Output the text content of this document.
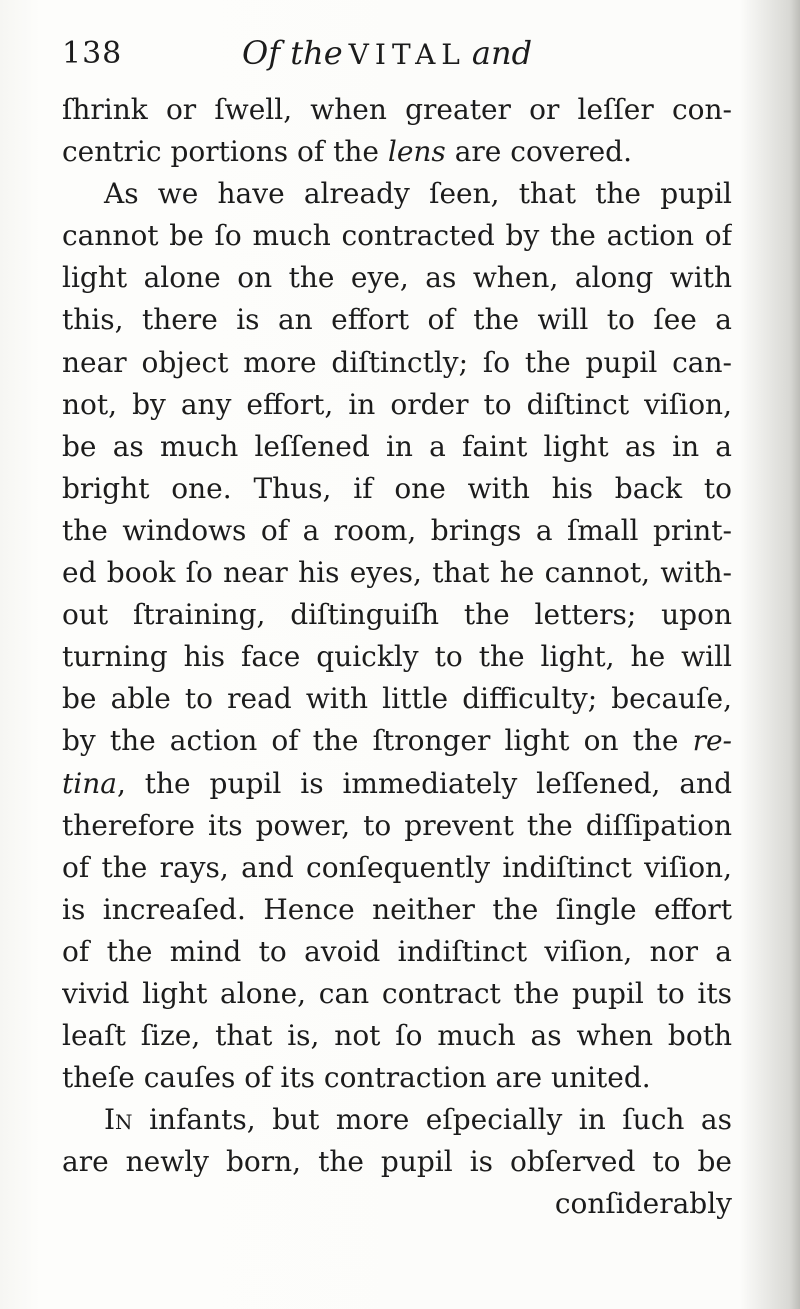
138	Of the VITAL and
ſhrink or ſwell, when greater or leſſer con-
centric portions of the lens are covered.
As we have already ſeen, that the pupil
cannot be ſo much contracted by the action of
light alone on the eye, as when, along with
this, there is an effort of the will to ſee a
near object more diſtinctly; ſo the pupil can-
not, by any effort, in order to diſtinct viſion,
be as much leſſened in a faint light as in a
bright one. Thus, if one with his back to
the windows of a room, brings a ſmall print-
ed book ſo near his eyes, that he cannot, with-
out ſtraining, diſtinguiſh the letters; upon
turning his face quickly to the light, he will
be able to read with little difficulty; becauſe,
by the action of the ſtronger light on the re-
tina, the pupil is immediately leſſened, and
therefore its power, to prevent the diſſipation
of the rays, and conſequently indiſtinct viſion,
is increaſed. Hence neither the ſingle effort
of the mind to avoid indiſtinct viſion, nor a
vivid light alone, can contract the pupil to its
leaſt ſize, that is, not ſo much as when both
theſe cauſes of its contraction are united.
In infants, but more eſpecially in ſuch as
are newly born, the pupil is obſerved to be
conſiderably
